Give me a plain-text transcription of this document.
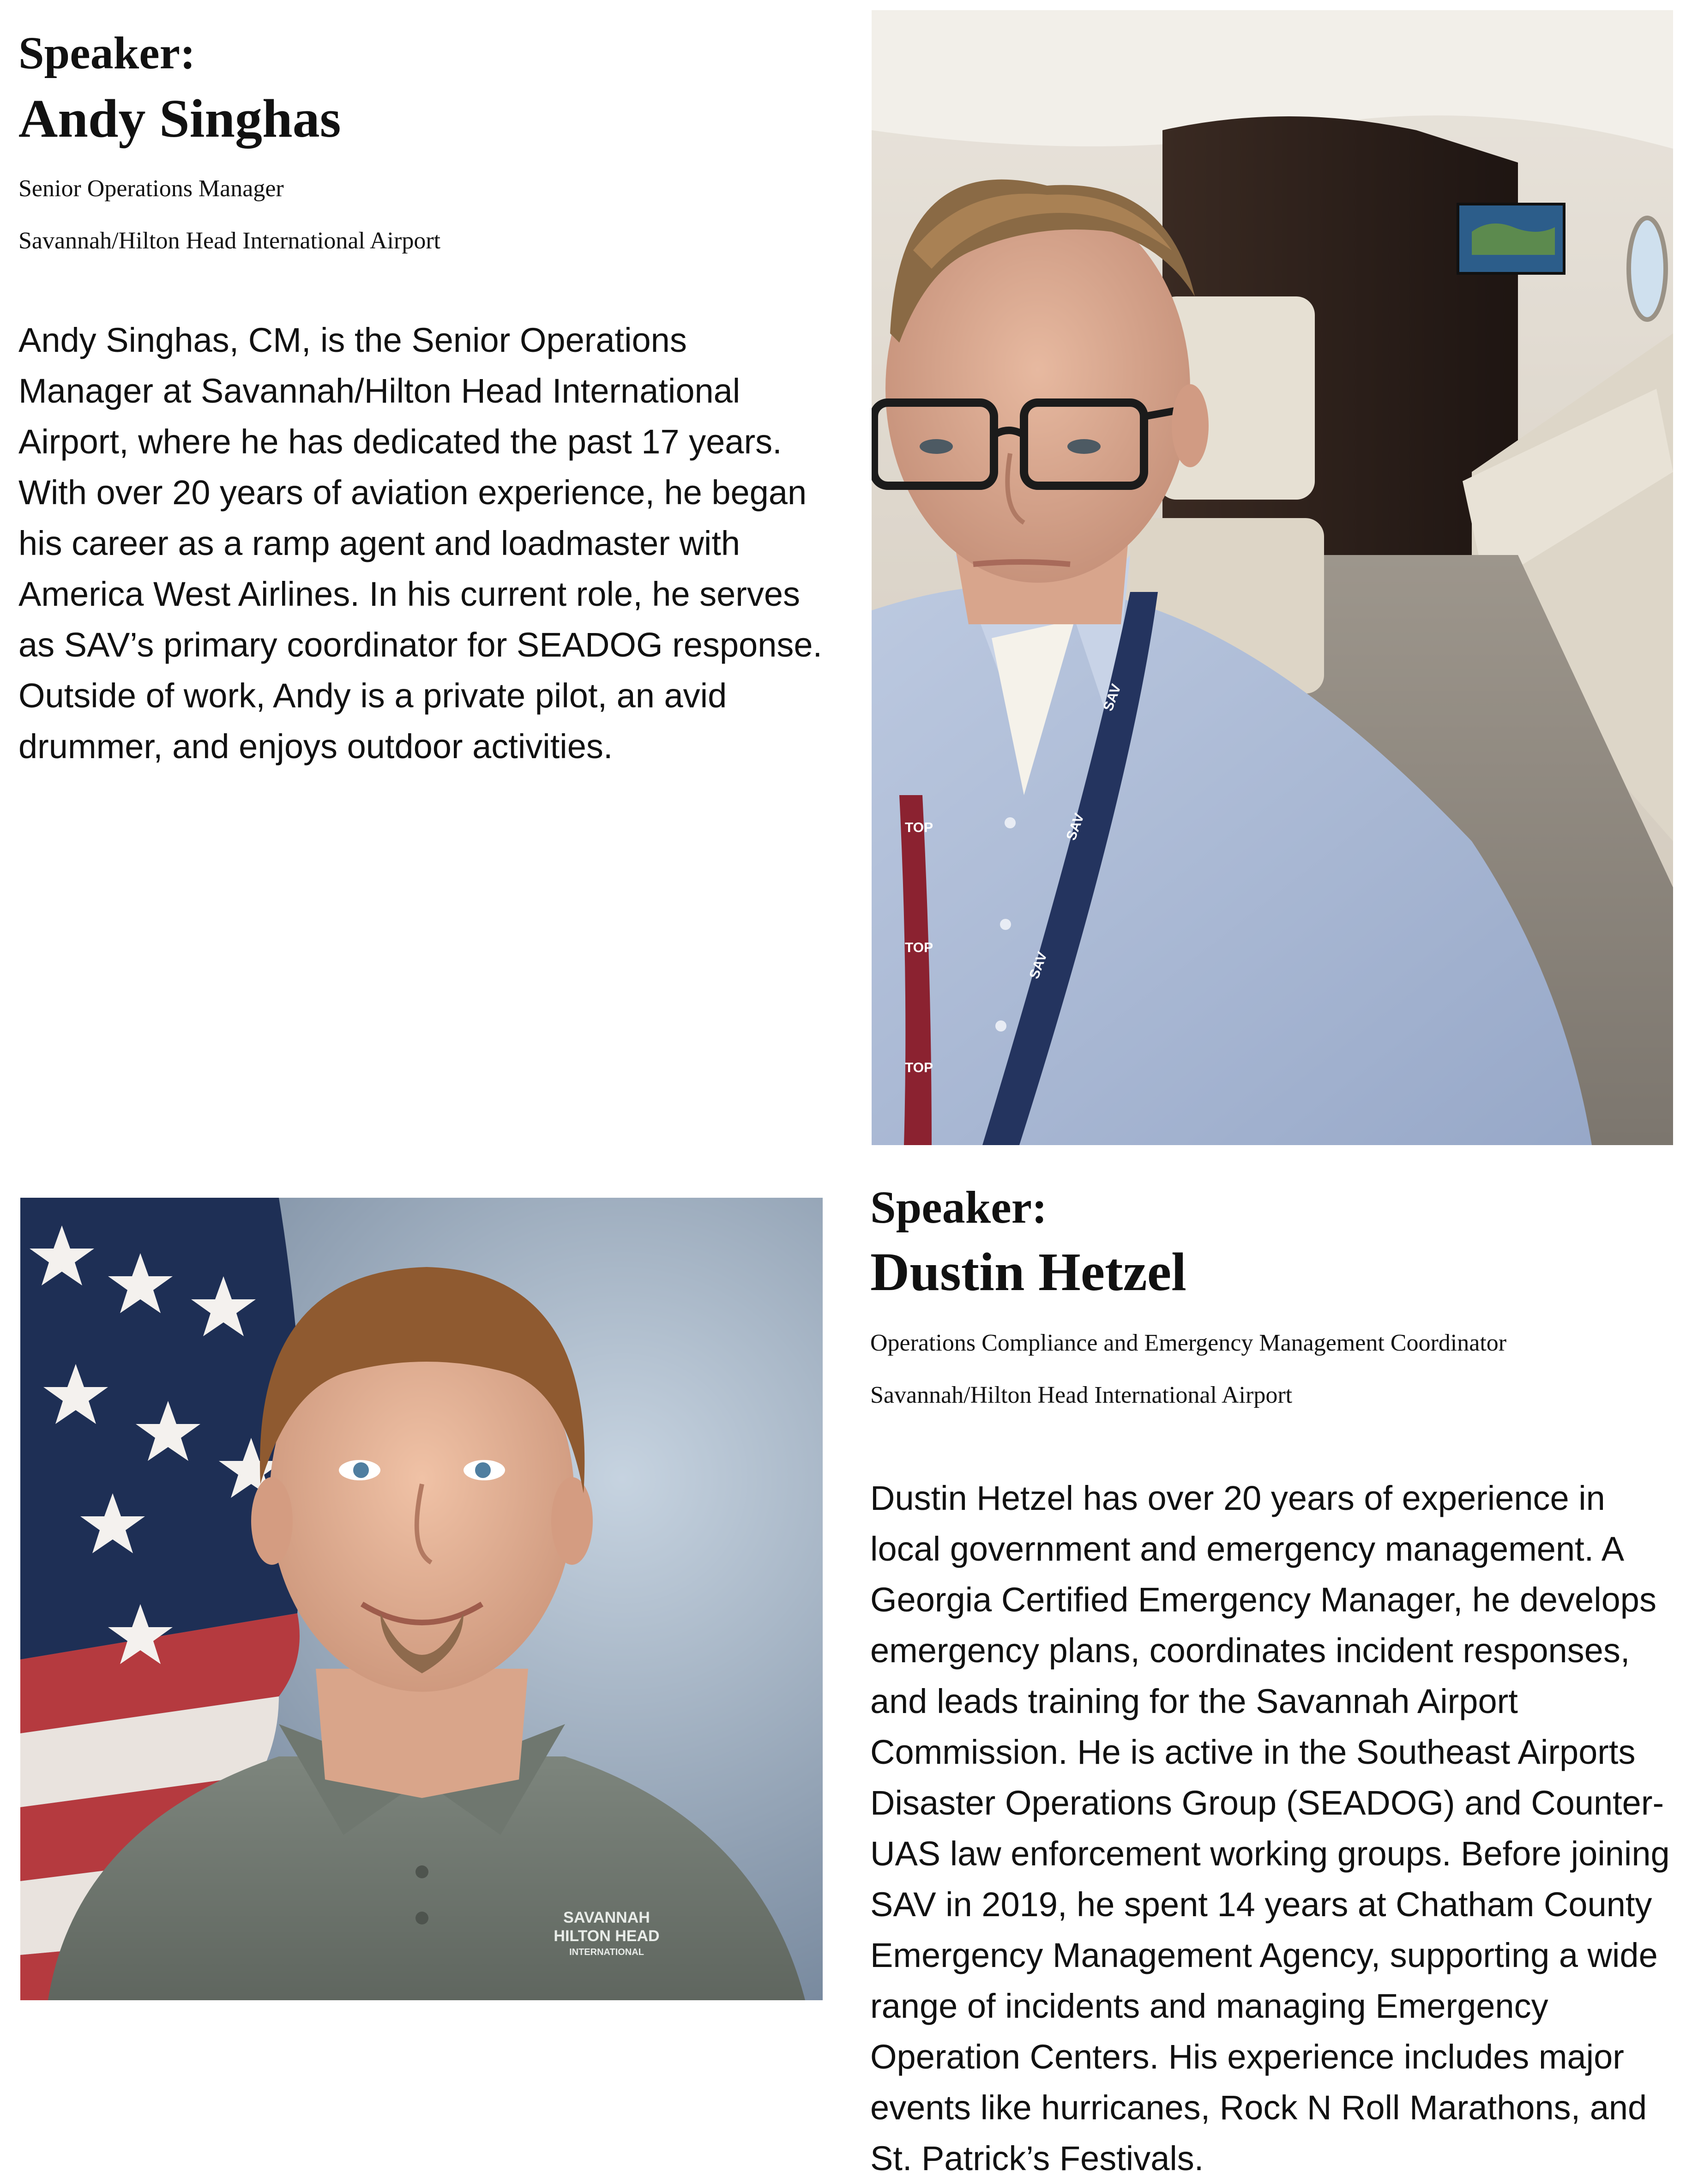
Speaker:

Andy Singhas

Senior Operations Manager

Savannah/Hilton Head International Airport

Andy Singhas, CM, is the Senior Operations Manager at Savannah/Hilton Head International Airport, where he has dedicated the past 17 years. With over 20 years of aviation experience, he began his career as a ramp agent and loadmaster with America West Airlines. In his current role, he serves as SAV’s primary coordinator for SEADOG response. Outside of work, Andy is a private pilot, an avid drummer, and enjoys outdoor activities.

SAV
SAV
SAV
TOP
TOP
TOP
SAVANNAH
HILTON HEAD
INTERNATIONAL

Speaker:

Dustin Hetzel

Operations Compliance and Emergency Management Coordinator

Savannah/Hilton Head International Airport

Dustin Hetzel has over 20 years of experience in local government and emergency management. A Georgia Certified Emergency Manager, he develops emergency plans, coordinates incident responses, and leads training for the Savannah Airport Commission. He is active in the Southeast Airports Disaster Operations Group (SEADOG) and Counter-UAS law enforcement working groups. Before joining SAV in 2019, he spent 14 years at Chatham County Emergency Management Agency, supporting a wide range of incidents and managing Emergency Operation Centers. His experience includes major events like hurricanes, Rock N Roll Marathons, and St. Patrick’s Festivals.
